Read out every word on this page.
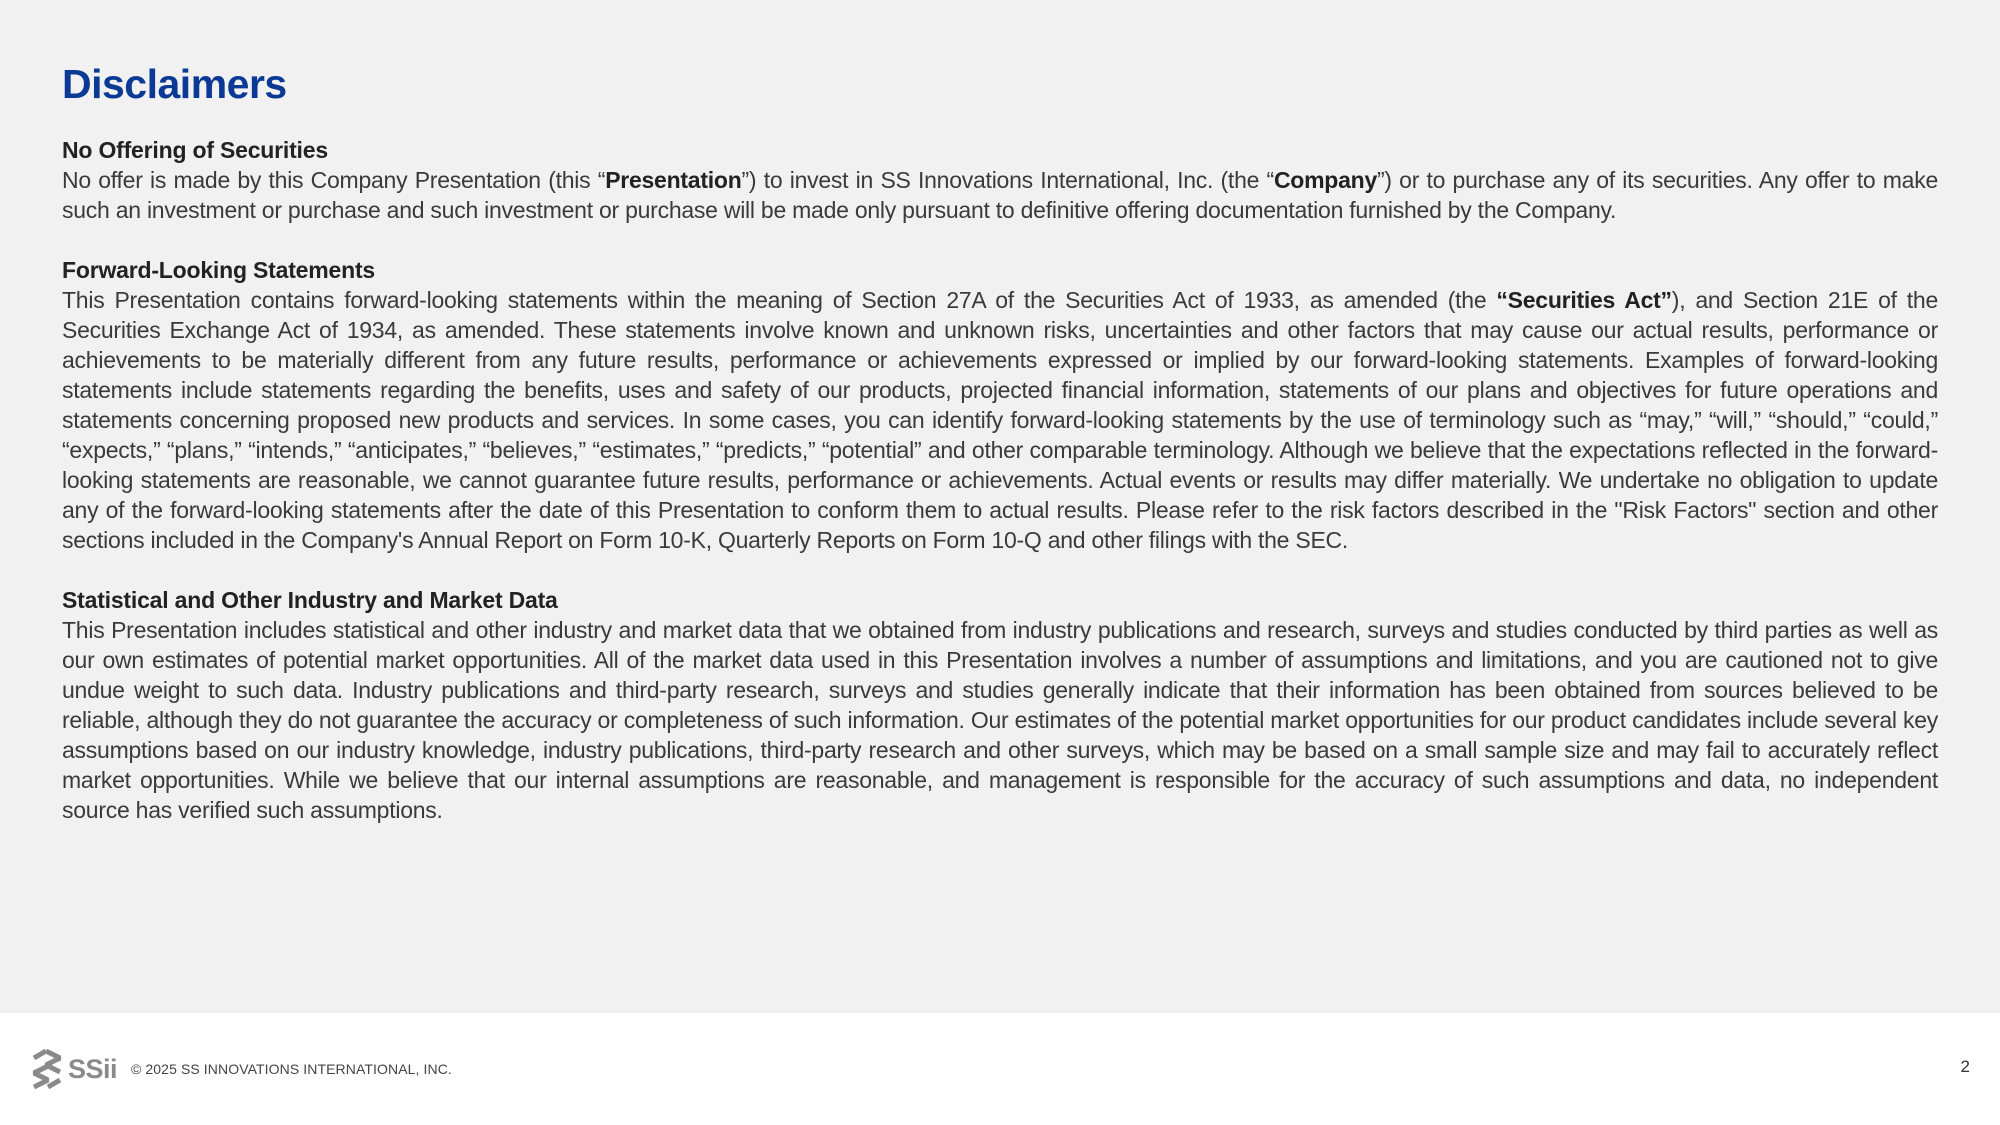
Disclaimers
No Offering of Securities

No offer is made by this Company Presentation (this “Presentation”) to invest in SS Innovations International, Inc. (the “Company”) or to purchase any of its securities. Any offer to make such an investment or purchase and such investment or purchase will be made only pursuant to definitive offering documentation furnished by the Company.

Forward-Looking Statements

This Presentation contains forward-looking statements within the meaning of Section 27A of the Securities Act of 1933, as amended (the “Securities Act”), and Section 21E of the Securities Exchange Act of 1934, as amended. These statements involve known and unknown risks, uncertainties and other factors that may cause our actual results, performance or achievements to be materially different from any future results, performance or achievements expressed or implied by our forward-looking statements. Examples of forward-looking statements include statements regarding the benefits, uses and safety of our products, projected financial information, statements of our plans and objectives for future operations and statements concerning proposed new products and services. In some cases, you can identify forward-looking statements by the use of terminology such as “may,” “will,” “should,” “could,” “expects,” “plans,” “intends,” “anticipates,” “believes,” “estimates,” “predicts,” “potential” and other comparable terminology. Although we believe that the expectations reflected in the forward-looking statements are reasonable, we cannot guarantee future results, performance or achievements. Actual events or results may differ materially. We undertake no obligation to update any of the forward-looking statements after the date of this Presentation to conform them to actual results. Please refer to the risk factors described in the "Risk Factors" section and other sections included in the Company's Annual Report on Form 10-K, Quarterly Reports on Form 10-Q and other filings with the SEC.

Statistical and Other Industry and Market Data

This Presentation includes statistical and other industry and market data that we obtained from industry publications and research, surveys and studies conducted by third parties as well as our own estimates of potential market opportunities. All of the market data used in this Presentation involves a number of assumptions and limitations, and you are cautioned not to give undue weight to such data. Industry publications and third-party research, surveys and studies generally indicate that their information has been obtained from sources believed to be reliable, although they do not guarantee the accuracy or completeness of such information. Our estimates of the potential market opportunities for our product candidates include several key assumptions based on our industry knowledge, industry publications, third-party research and other surveys, which may be based on a small sample size and may fail to accurately reflect market opportunities. While we believe that our internal assumptions are reasonable, and management is responsible for the accuracy of such assumptions and data, no independent source has verified such assumptions.

SSii © 2025 SS INNOVATIONS INTERNATIONAL, INC.	2
